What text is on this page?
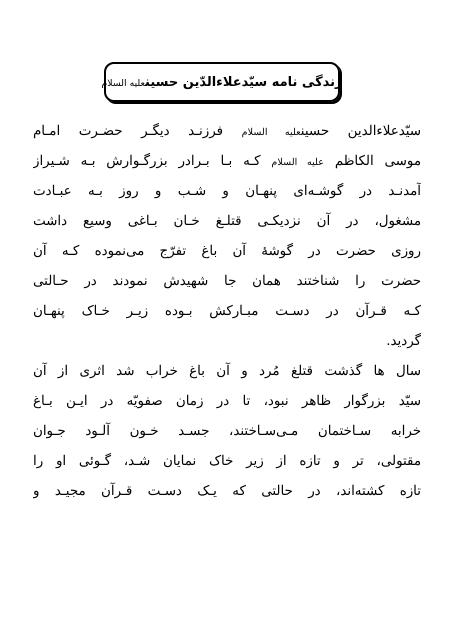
زندگی نامه سیّدعلاءالدّین حسینعلیه السلام
سیّدعلاءالدین حسینعليه السلام فرزنـد دیگـر حضـرت امـام
موسی الکاظم عليه السلام کـه بـا بـرادر بزرگـوارش بـه شـیراز
آمدنـد در گوشـه‌ای پنهـان و شـب و روز بـه عبـادت
مشغول، در آن نزدیکـی قتلـغ خـان بـاغی وسیع داشت
روزی حضرت در گوشهٔ آن باغ تفرّج می‌نموده کـه آن
حضرت را شناختند همان جا شهیدش نمودند در حـالتی
کـه قـرآن در دسـت مبـارکش بـوده زیـر خـاک پنهـان
گردید.
سال ها گذشت قتلغ مُرد و آن باغ خراب شد اثری از آن
سیّد بزرگوار ظاهر نبود، تا در زمان صفویّه در ایـن بـاغ
خرابه سـاختمان مـی‌سـاختند، جسـد خـون آلـود جـوان
مقتولی، تر و تازه از زیر خاک نمایان شـد، گـوئی او را
تازه کشته‌اند، در حالتی که یـک دسـت قـرآن مجیـد و
